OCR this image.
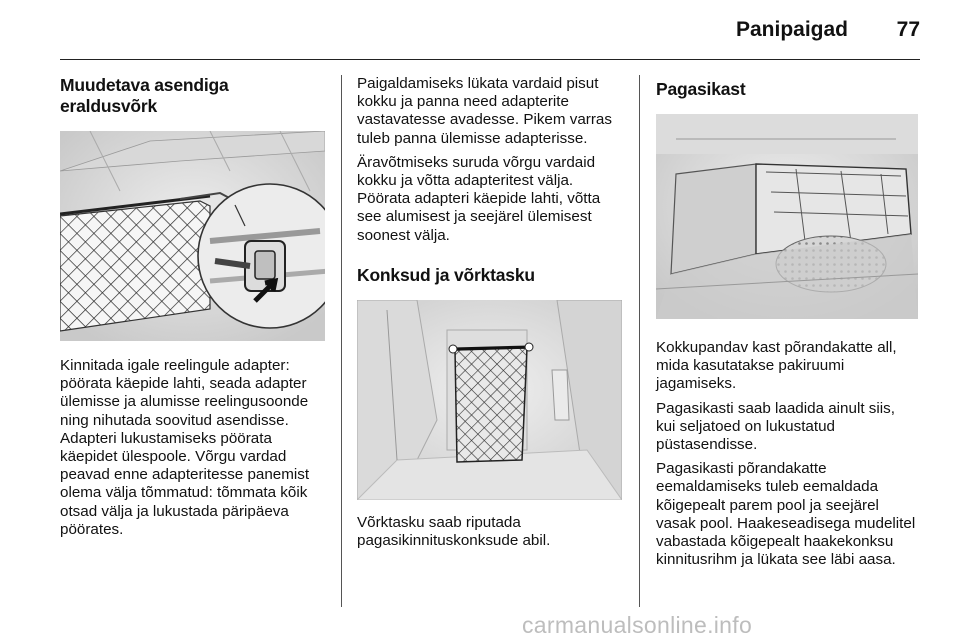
Panipaigad 77
Muudetava asendiga eraldusvõrk

Kinnitada igale reelingule adapter: pöörata käepide lahti, seada adapter ülemisse ja alumisse reelingusoonde ning nihutada soovitud asendisse. Adapteri lukustamiseks pöörata käepidet ülespoole. Võrgu vardad peavad enne adapteritesse panemist olema välja tõmmatud: tõmmata kõik otsad välja ja lukustada päripäeva pöörates.

Paigaldamiseks lükata vardaid pisut kokku ja panna need adapterite vastavatesse avadesse. Pikem varras tuleb panna ülemisse adapterisse.

Äravõtmiseks suruda võrgu vardaid kokku ja võtta adapteritest välja. Pöörata adapteri käepide lahti, võtta see alumisest ja seejärel ülemisest soonest välja.

Konksud ja võrktasku

Võrktasku saab riputada pagasikinnituskonksude abil.

Pagasikast

Kokkupandav kast põrandakatte all, mida kasutatakse pakiruumi jagamiseks.

Pagasikasti saab laadida ainult siis, kui seljatoed on lukustatud püstasendisse.

Pagasikasti põrandakatte eemaldamiseks tuleb eemaldada kõigepealt parem pool ja seejärel vasak pool. Haakeseadisega mudelitel vabastada kõigepealt haakekonksu kinnitusrihm ja lükata see läbi aasa.

carmanualsonline.info
